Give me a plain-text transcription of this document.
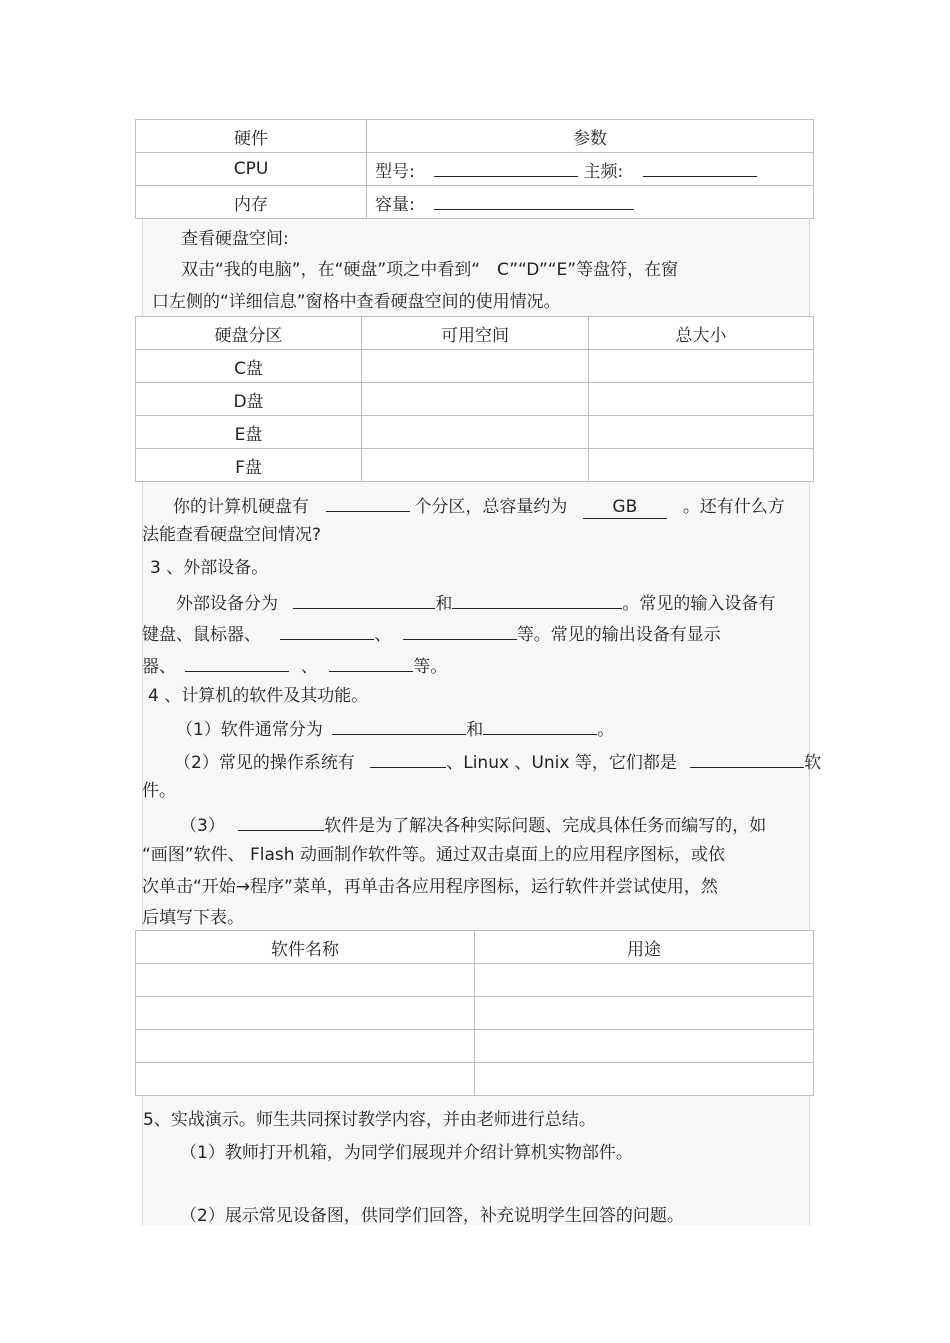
硬件	参数
CPU	型号: 主频:
内存	容量:
查看硬盘空间:
双击“我的电脑”，在“硬盘”项之中看到“　C”“D”“E”等盘符，在窗
口左侧的“详细信息”窗格中查看硬盘空间的使用情况。
硬盘分区	可用空间	总大小
C盘		
D盘		
E盘		
F盘		
你的计算机硬盘有	个分区，总容量约为	GB	。还有什么方
法能查看硬盘空间情况?
3 、外部设备。
外部设备分为	和	。常见的输入设备有
键盘、鼠标器、	、	等。常见的输出设备有显示
器、	、	等。
4 、计算机的软件及其功能。
（1）软件通常分为	和	。
（2）常见的操作系统有	、Linux 、Unix 等，它们都是	软
件。
（3）	软件是为了解决各种实际问题、完成具体任务而编写的，如
“画图”软件、 Flash 动画制作软件等。通过双击桌面上的应用程序图标，或依
次单击“开始→程序”菜单，再单击各应用程序图标，运行软件并尝试使用，然
后填写下表。
软件名称	用途

5、实战演示。师生共同探讨教学内容，并由老师进行总结。
（1）教师打开机箱，为同学们展现并介绍计算机实物部件。
（2）展示常见设备图，供同学们回答，补充说明学生回答的问题。
